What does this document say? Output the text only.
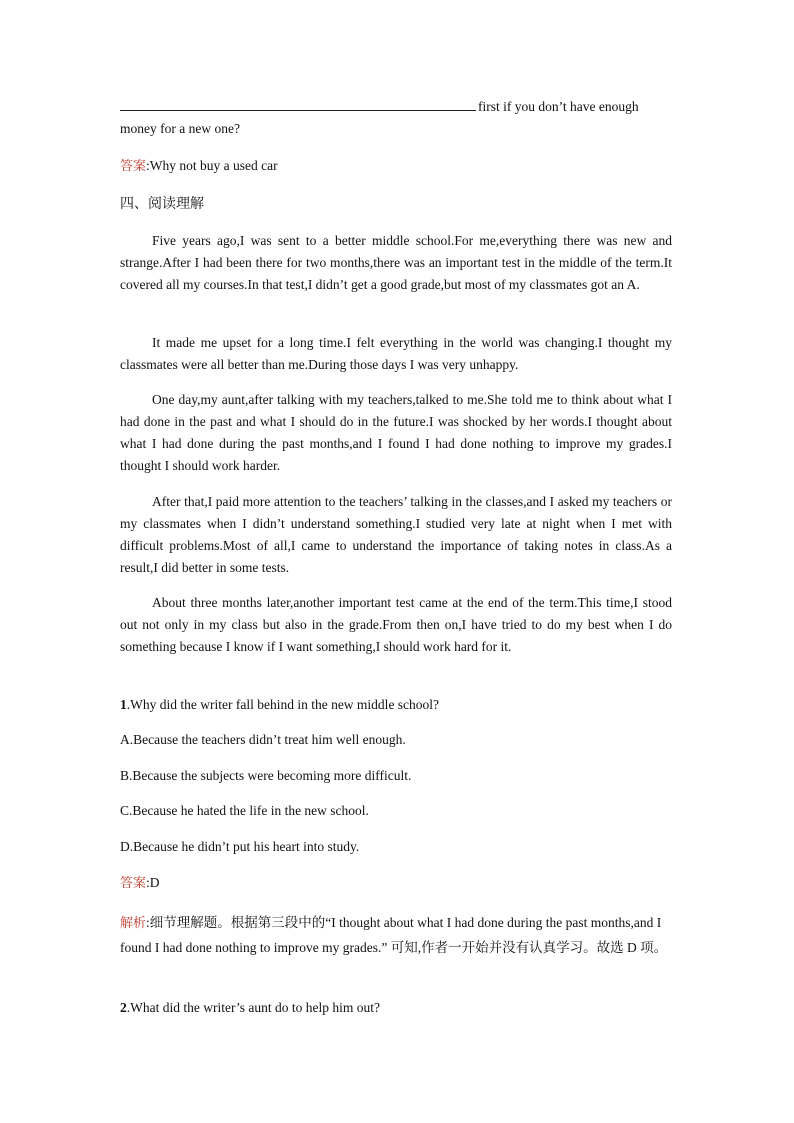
first if you don’t have enough
money for a new one?
答案:Why not buy a used car
四、阅读理解
Five years ago,I was sent to a better middle school.For me,everything there was new and strange.After I had been there for two months,there was an important test in the middle of the term.It covered all my courses.In that test,I didn’t get a good grade,but most of my classmates got an A.
It made me upset for a long time.I felt everything in the world was changing.I thought my classmates were all better than me.During those days I was very unhappy.
One day,my aunt,after talking with my teachers,talked to me.She told me to think about what I had done in the past and what I should do in the future.I was shocked by her words.I thought about what I had done during the past months,and I found I had done nothing to improve my grades.I thought I should work harder.
After that,I paid more attention to the teachers’ talking in the classes,and I asked my teachers or my classmates when I didn’t understand something.I studied very late at night when I met with difficult problems.Most of all,I came to understand the importance of taking notes in class.As a result,I did better in some tests.
About three months later,another important test came at the end of the term.This time,I stood out not only in my class but also in the grade.From then on,I have tried to do my best when I do something because I know if I want something,I should work hard for it.
1.Why did the writer fall behind in the new middle school?
A.Because the teachers didn’t treat him well enough.
B.Because the subjects were becoming more difficult.
C.Because he hated the life in the new school.
D.Because he didn’t put his heart into study.
答案:D
解析:细节理解题。根据第三段中的“I thought about what I had done during the past months,and I found I had done nothing to improve my grades.” 可知,作者一开始并没有认真学习。故选 D 项。
2.What did the writer’s aunt do to help him out?
